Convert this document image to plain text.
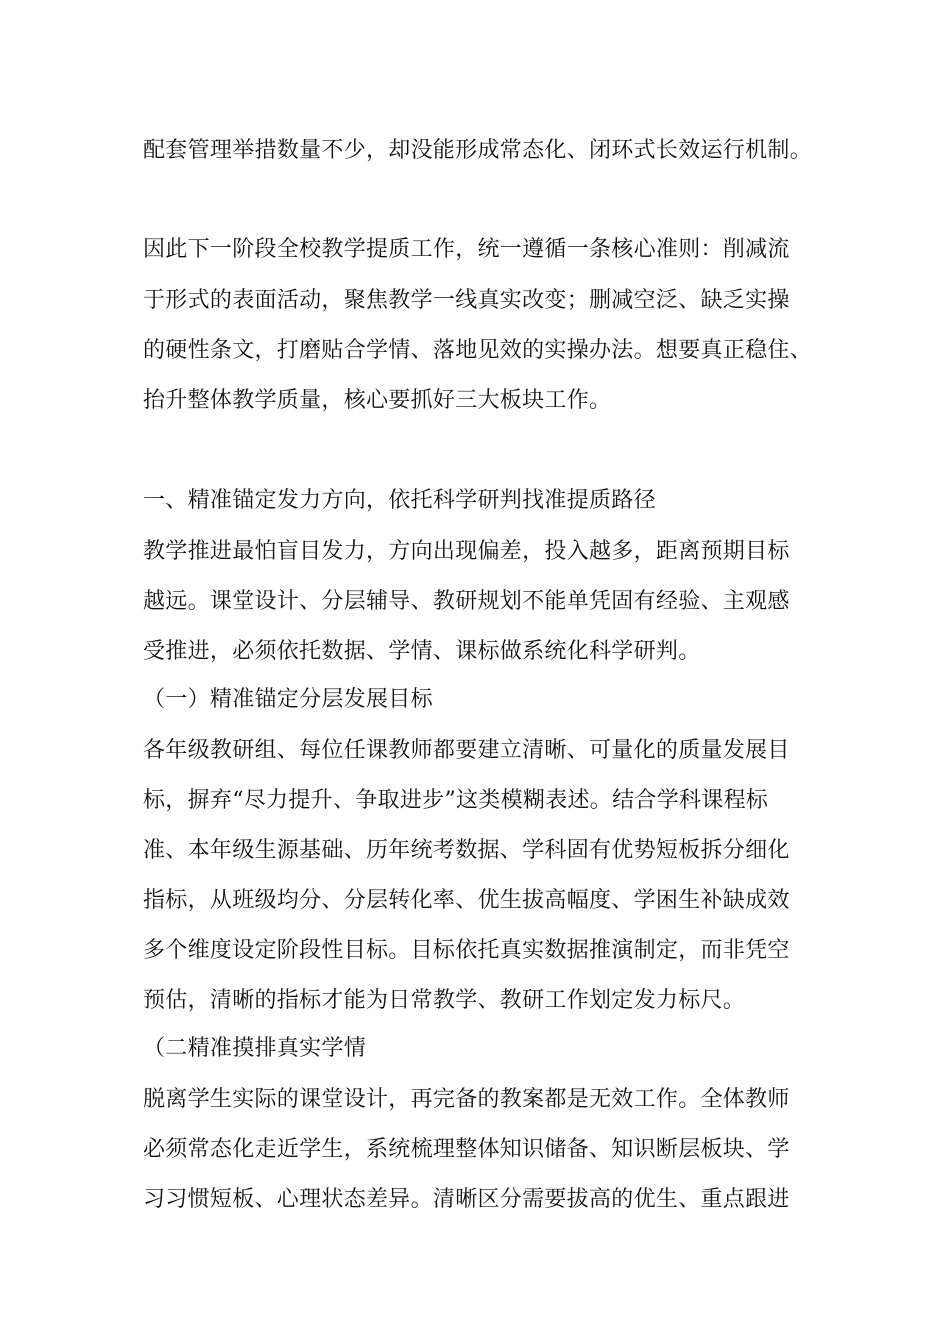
配套管理举措数量不少，却没能形成常态化、闭环式长效运行机制。
因此下一阶段全校教学提质工作，统一遵循一条核心准则：削减流
于形式的表面活动，聚焦教学一线真实改变；删减空泛、缺乏实操
的硬性条文，打磨贴合学情、落地见效的实操办法。想要真正稳住、
抬升整体教学质量，核心要抓好三大板块工作。
一、精准锚定发力方向，依托科学研判找准提质路径
教学推进最怕盲目发力，方向出现偏差，投入越多，距离预期目标
越远。课堂设计、分层辅导、教研规划不能单凭固有经验、主观感
受推进，必须依托数据、学情、课标做系统化科学研判。
（一）精准锚定分层发展目标
各年级教研组、每位任课教师都要建立清晰、可量化的质量发展目
标，摒弃“尽力提升、争取进步”这类模糊表述。结合学科课程标
准、本年级生源基础、历年统考数据、学科固有优势短板拆分细化
指标，从班级均分、分层转化率、优生拔高幅度、学困生补缺成效
多个维度设定阶段性目标。目标依托真实数据推演制定，而非凭空
预估，清晰的指标才能为日常教学、教研工作划定发力标尺。
（二精准摸排真实学情
脱离学生实际的课堂设计，再完备的教案都是无效工作。全体教师
必须常态化走近学生，系统梳理整体知识储备、知识断层板块、学
习习惯短板、心理状态差异。清晰区分需要拔高的优生、重点跟进
